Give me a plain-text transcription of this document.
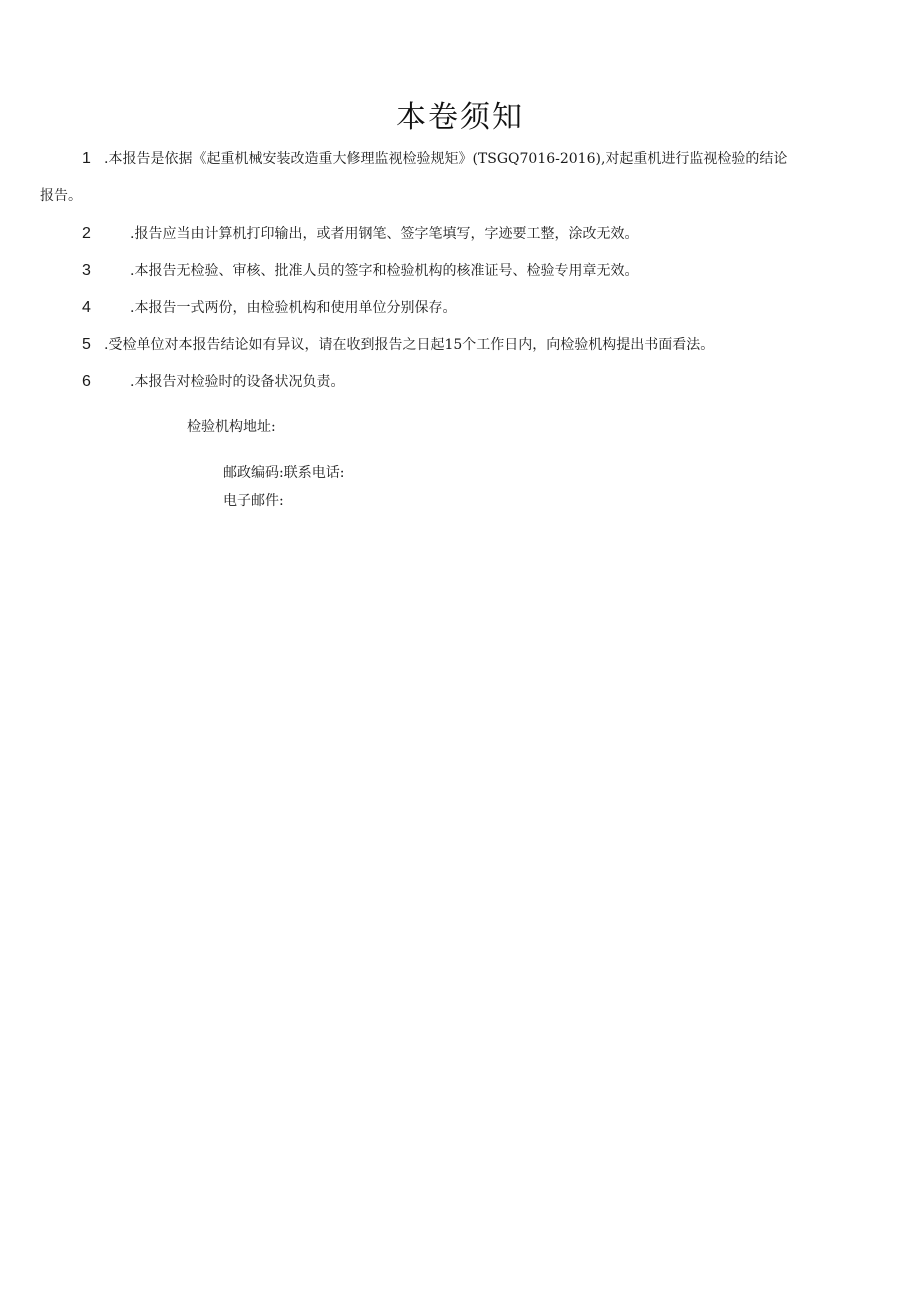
本卷须知
1 .本报告是依据《起重机械安装改造重大修理监视检验规矩》(TSGQ7016-2016),对起重机进行监视检验的结论
报告。
2	.报告应当由计算机打印输出，或者用钢笔、签字笔填写，字迹要工整，涂改无效。
3	.本报告无检验、审核、批准人员的签字和检验机构的核准证号、检验专用章无效。
4	.本报告一式两份，由检验机构和使用单位分别保存。
5 .受检单位对本报告结论如有异议，请在收到报告之日起15个工作日内，向检验机构提出书面看法。
6	.本报告对检验时的设备状况负责。
检验机构地址:
邮政编码:联系电话:
电子邮件:
